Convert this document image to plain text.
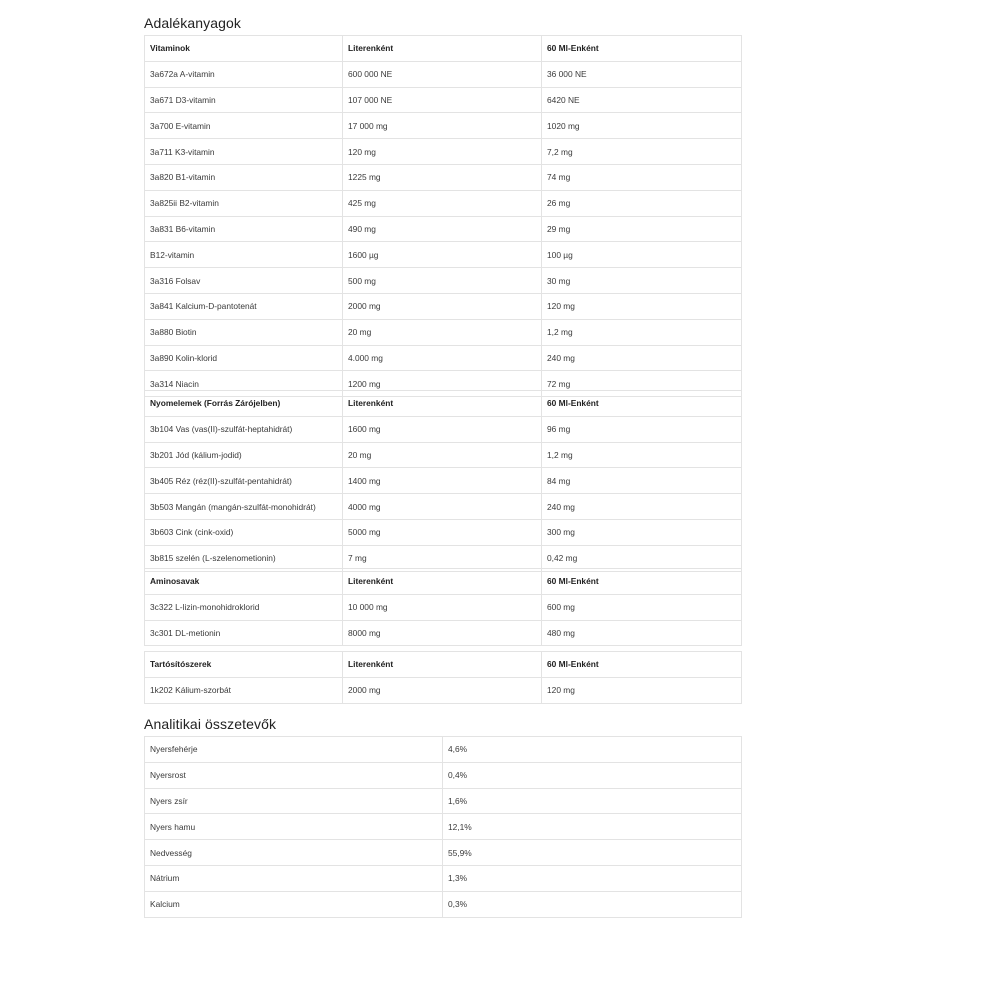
Adalékanyagok
Vitaminok	Literenként	60 Ml-Enként
3a672a A-vitamin	600 000 NE	36 000 NE
3a671 D3-vitamin	107 000 NE	6420 NE
3a700 E-vitamin	17 000 mg	1020 mg
3a711 K3-vitamin	120 mg	7,2 mg
3a820 B1-vitamin	1225 mg	74 mg
3a825ii B2-vitamin	425 mg	26 mg
3a831 B6-vitamin	490 mg	29 mg
B12-vitamin	1600 µg	100 µg
3a316 Folsav	500 mg	30 mg
3a841 Kalcium-D-pantotenát	2000 mg	120 mg
3a880 Biotin	20 mg	1,2 mg
3a890 Kolin-klorid	4.000 mg	240 mg
3a314 Niacin	1200 mg	72 mg
Nyomelemek (Forrás Zárójelben)	Literenként	60 Ml-Enként
3b104 Vas (vas(II)-szulfát-heptahidrát)	1600 mg	96 mg
3b201 Jód (kálium-jodid)	20 mg	1,2 mg
3b405 Réz (réz(II)-szulfát-pentahidrát)	1400 mg	84 mg
3b503 Mangán (mangán-szulfát-monohidrát)	4000 mg	240 mg
3b603 Cink (cink-oxid)	5000 mg	300 mg
3b815 szelén (L-szelenometionin)	7 mg	0,42 mg
Aminosavak	Literenként	60 Ml-Enként
3c322 L-lizin-monohidroklorid	10 000 mg	600 mg
3c301 DL-metionin	8000 mg	480 mg
Tartósítószerek	Literenként	60 Ml-Enként
1k202 Kálium-szorbát	2000 mg	120 mg
Analitikai összetevők
Nyersfehérje	4,6%
Nyersrost	0,4%
Nyers zsír	1,6%
Nyers hamu	12,1%
Nedvesség	55,9%
Nátrium	1,3%
Kalcium	0,3%
